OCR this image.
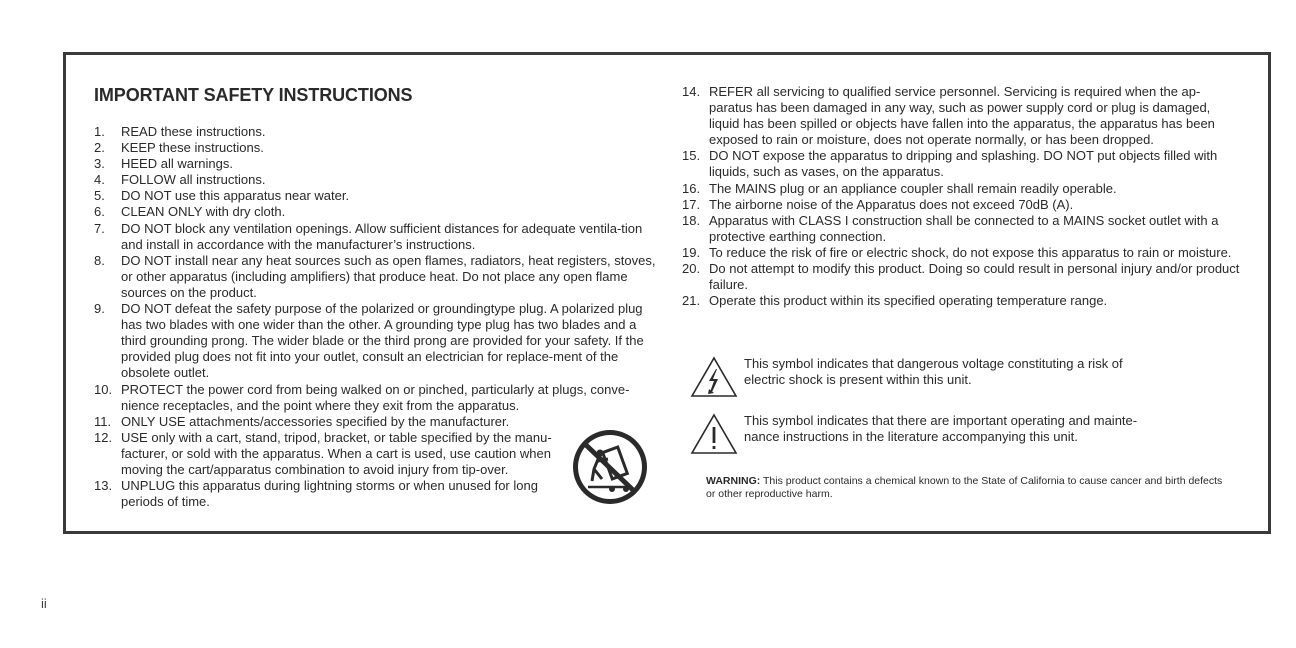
IMPORTANT SAFETY INSTRUCTIONS
1. READ these instructions.
2. KEEP these instructions.
3. HEED all warnings.
4. FOLLOW all instructions.
5. DO NOT use this apparatus near water.
6. CLEAN ONLY with dry cloth.
7. DO NOT block any ventilation openings. Allow sufficient distances for adequate ventila-tion and install in accordance with the manufacturer’s instructions.
8. DO NOT install near any heat sources such as open flames, radiators, heat registers, stoves, or other apparatus (including amplifiers) that produce heat. Do not place any open flame sources on the product.
9. DO NOT defeat the safety purpose of the polarized or groundingtype plug. A polarized plug has two blades with one wider than the other. A grounding type plug has two blades and a third grounding prong. The wider blade or the third prong are provided for your safety. If the provided plug does not fit into your outlet, consult an electrician for replace-ment of the obsolete outlet.
10. PROTECT the power cord from being walked on or pinched, particularly at plugs, conve-nience receptacles, and the point where they exit from the apparatus.
11. ONLY USE attachments/accessories specified by the manufacturer.
12. USE only with a cart, stand, tripod, bracket, or table specified by the manu-facturer, or sold with the apparatus. When a cart is used, use caution when moving the cart/apparatus combination to avoid injury from tip-over.
13. UNPLUG this apparatus during lightning storms or when unused for long periods of time.
14. REFER all servicing to qualified service personnel. Servicing is required when the ap-paratus has been damaged in any way, such as power supply cord or plug is damaged, liquid has been spilled or objects have fallen into the apparatus, the apparatus has been exposed to rain or moisture, does not operate normally, or has been dropped.
15. DO NOT expose the apparatus to dripping and splashing. DO NOT put objects filled with liquids, such as vases, on the apparatus.
16. The MAINS plug or an appliance coupler shall remain readily operable.
17. The airborne noise of the Apparatus does not exceed 70dB (A).
18. Apparatus with CLASS I construction shall be connected to a MAINS socket outlet with a protective earthing connection.
19. To reduce the risk of fire or electric shock, do not expose this apparatus to rain or moisture.
20. Do not attempt to modify this product. Doing so could result in personal injury and/or product failure.
21. Operate this product within its specified operating temperature range.
This symbol indicates that dangerous voltage constituting a risk of electric shock is present within this unit.
This symbol indicates that there are important operating and mainte-nance instructions in the literature accompanying this unit.
WARNING: This product contains a chemical known to the State of California to cause cancer and birth defects or other reproductive harm.
ii
